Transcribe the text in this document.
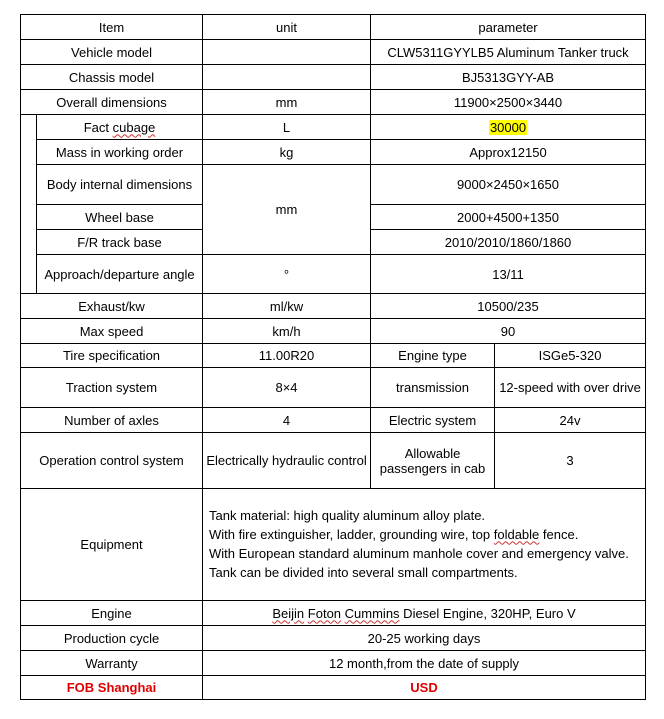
Item		unit	parameter	
Vehicle model			CLW5311GYYLB5 Aluminum Tanker truck	
Chassis model			BJ5313GYY-AB	
Overall dimensions		mm	11900×2500×3440	
	Fact cubage	L	30000	
	Mass in working order	kg	Approx12150	
	Body internal dimensions	mm	9000×2450×1650	
	Wheel base		2000+4500+1350	
	F/R track base		2010/2010/1860/1860	
	Approach/departure angle	°	13/11	
Exhaust/kw		ml/kw	10500/235	
Max speed		km/h	90	
Tire specification		11.00R20	Engine type	ISGe5-320
Traction system		8×4	transmission	12-speed with over drive
Number of axles		4	Electric system	24v
Operation control system		Electrically hydraulic control	Allowable passengers in cab	3
Equipment		Tank material: high quality aluminum alloy plate.
With fire extinguisher, ladder, grounding wire, top foldable fence.
With European standard aluminum manhole cover and emergency valve.
Tank can be divided into several small compartments.		

Engine		Beijin Foton Cummins Diesel Engine, 320HP, Euro V		
Production cycle		20-25 working days		
Warranty		12 month,from the date of supply		
FOB Shanghai		USD		
